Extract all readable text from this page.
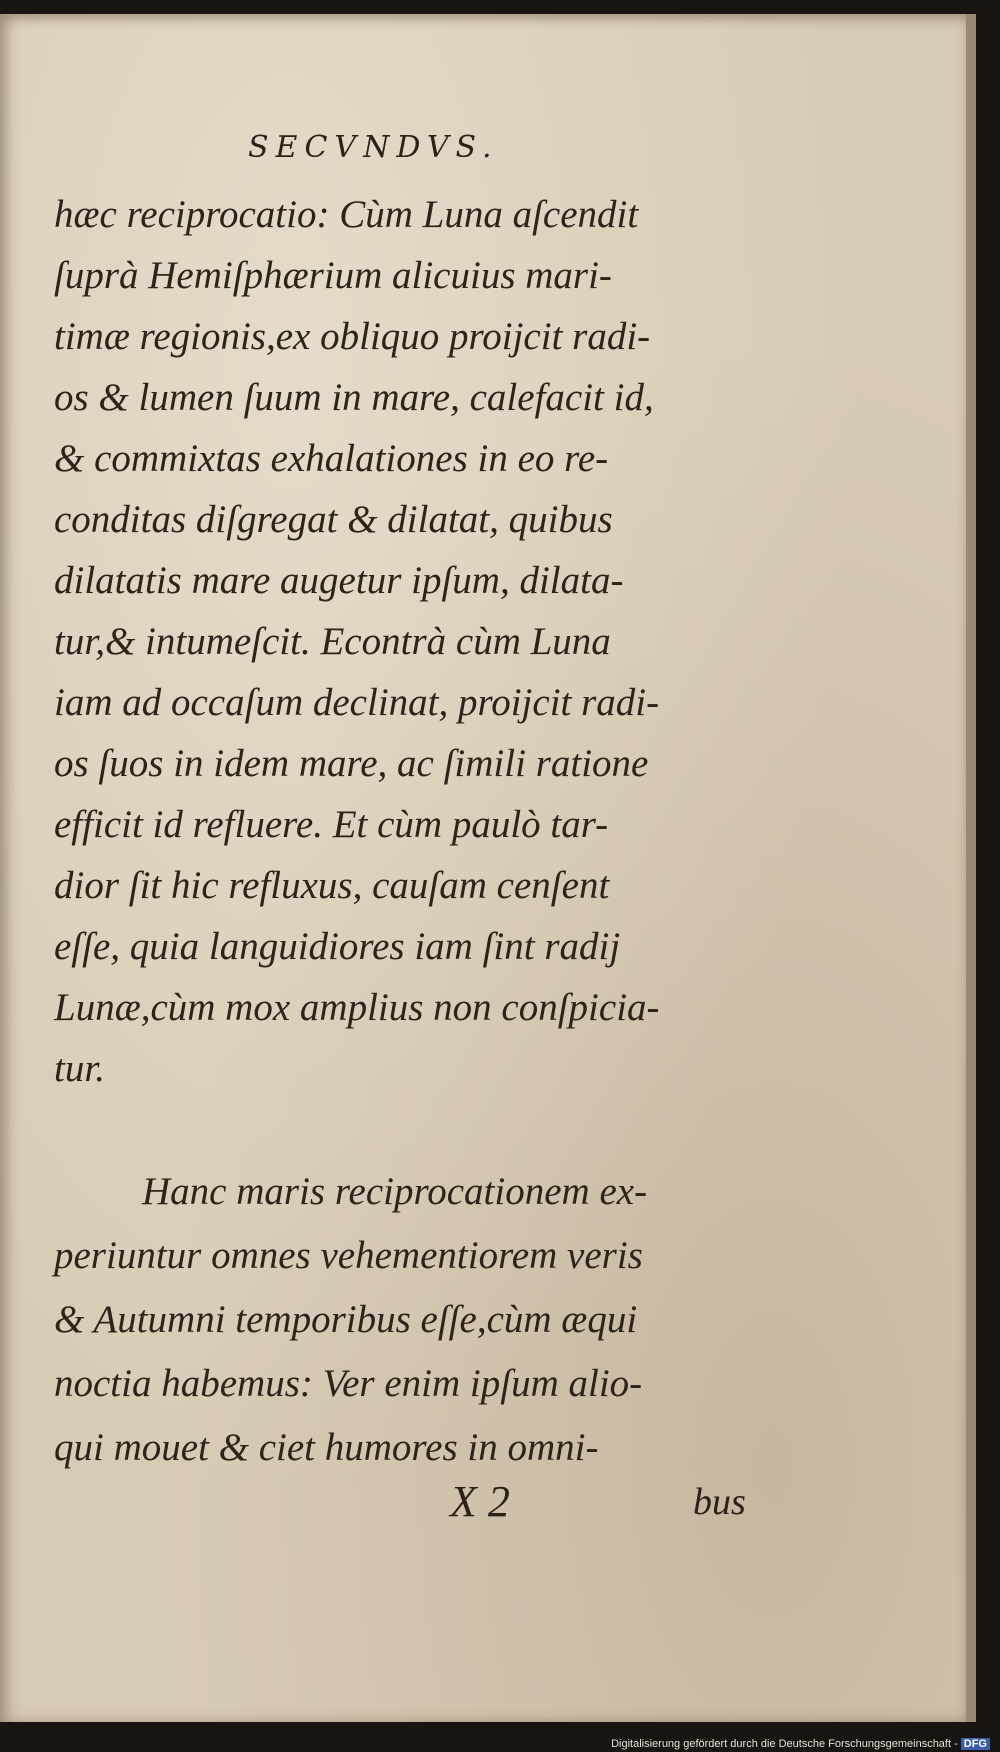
SECVNDVS.
hæc reciprocatio: Cùm Luna aſcendit
ſuprà Hemiſphærium alicuius mari-
timæ regionis,ex obliquo proijcit radi-
os & lumen ſuum in mare, calefacit id,
& commixtas exhalationes in eo re-
conditas diſgregat & dilatat, quibus
dilatatis mare augetur ipſum, dilata-
tur,& intumeſcit. Econtrà cùm Luna
iam ad occaſum declinat, proijcit radi-
os ſuos in idem mare, ac ſimili ratione
efficit id refluere. Et cùm paulò tar-
dior ſit hic refluxus, cauſam cenſent
eſſe, quia languidiores iam ſint radij
Lunæ,cùm mox amplius non conſpicia-
tur.
Hanc maris reciprocationem ex-
periuntur omnes vehementiorem veris
& Autumni temporibus eſſe,cùm æqui
noctia habemus: Ver enim ipſum alio-
qui mouet & ciet humores in omni-
X 2	bus
Digitalisierung gefördert durch die Deutsche Forschungsgemeinschaft - DFG
